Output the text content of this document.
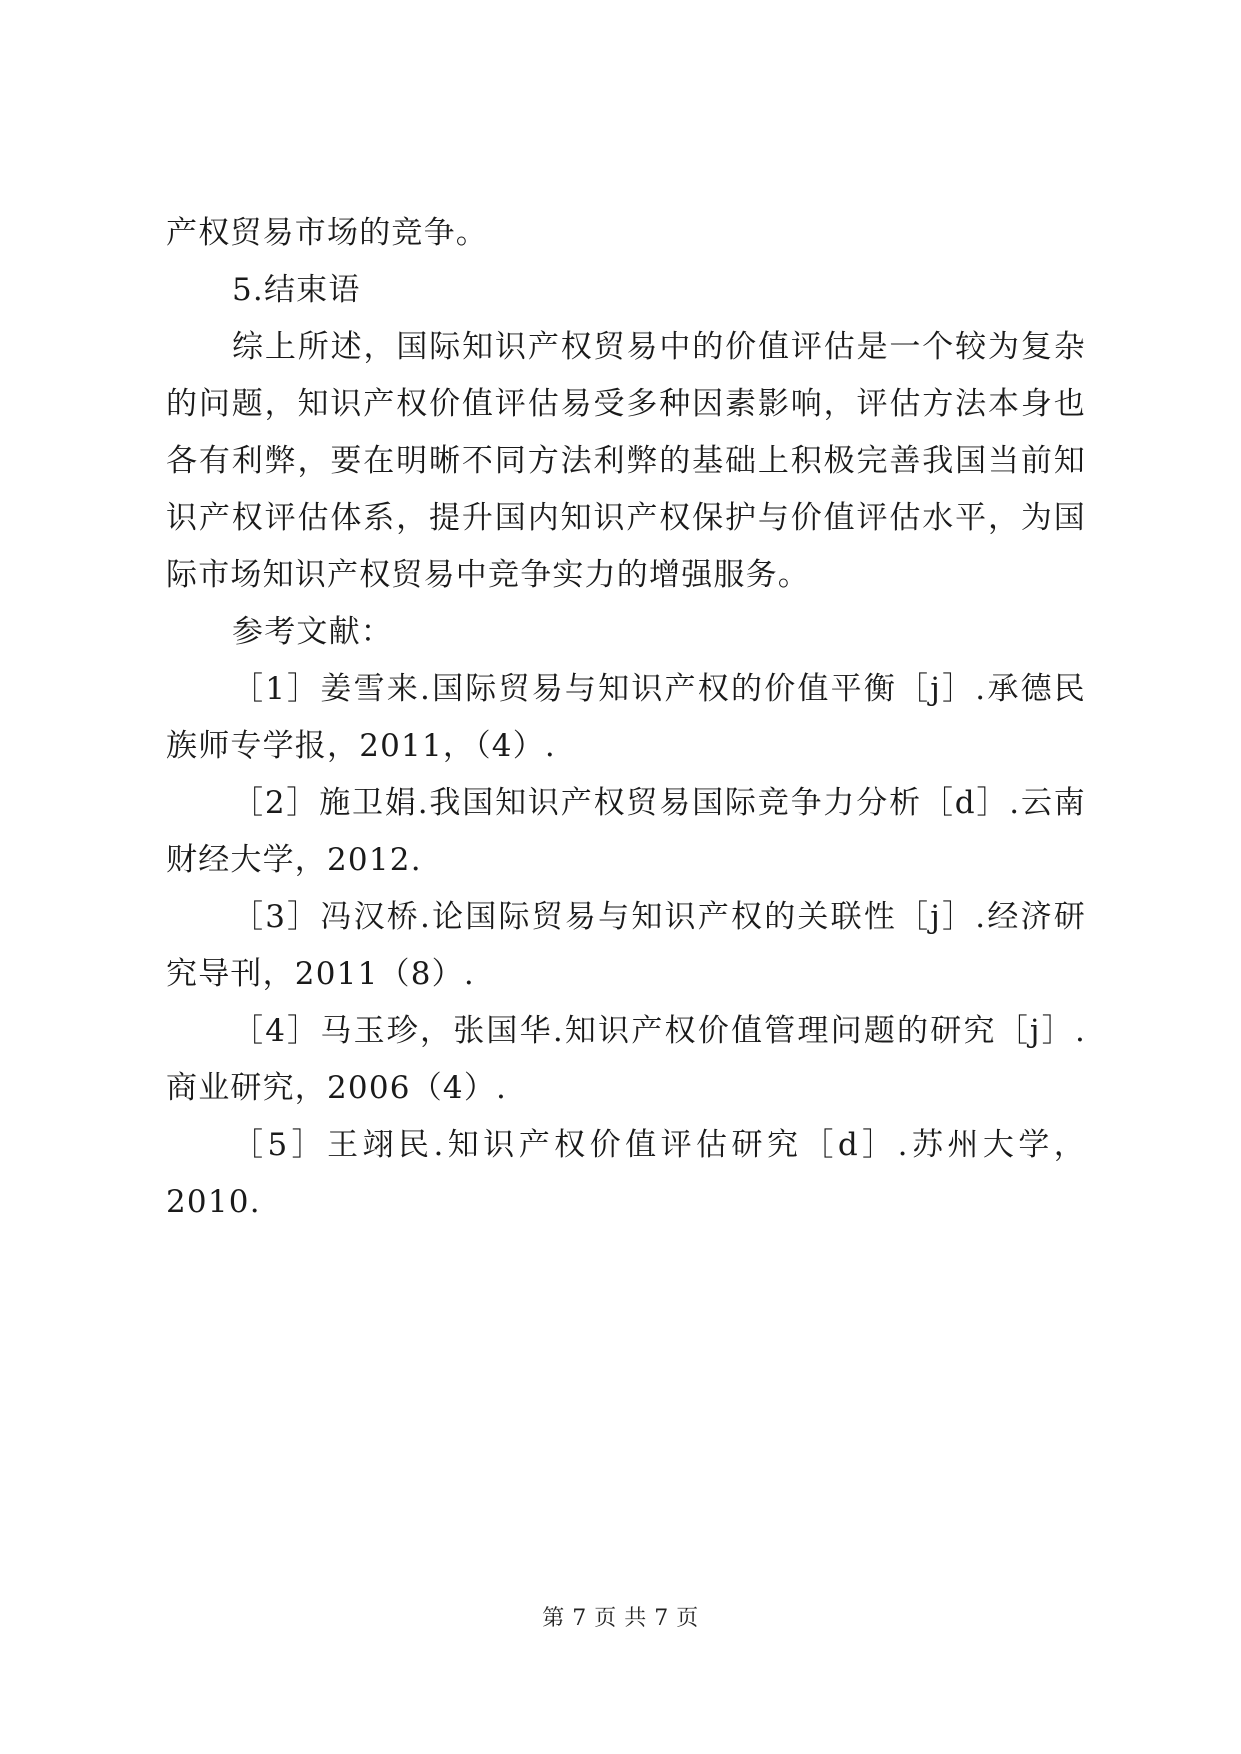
产权贸易市场的竞争。
5.结束语
综上所述，国际知识产权贸易中的价值评估是一个较为复杂
的问题，知识产权价值评估易受多种因素影响，评估方法本身也
各有利弊，要在明晰不同方法利弊的基础上积极完善我国当前知
识产权评估体系，提升国内知识产权保护与价值评估水平，为国
际市场知识产权贸易中竞争实力的增强服务。
参考文献：
［1］姜雪来.国际贸易与知识产权的价值平衡［j］.承德民
族师专学报，2011，（4）.
［2］施卫娟.我国知识产权贸易国际竞争力分析［d］.云南
财经大学，2012.
［3］冯汉桥.论国际贸易与知识产权的关联性［j］.经济研
究导刊，2011（8）.
［4］马玉珍，张国华.知识产权价值管理问题的研究［j］.
商业研究，2006（4）.
［5］王翊民.知识产权价值评估研究［d］.苏州大学，
2010.
第 7 页 共 7 页
